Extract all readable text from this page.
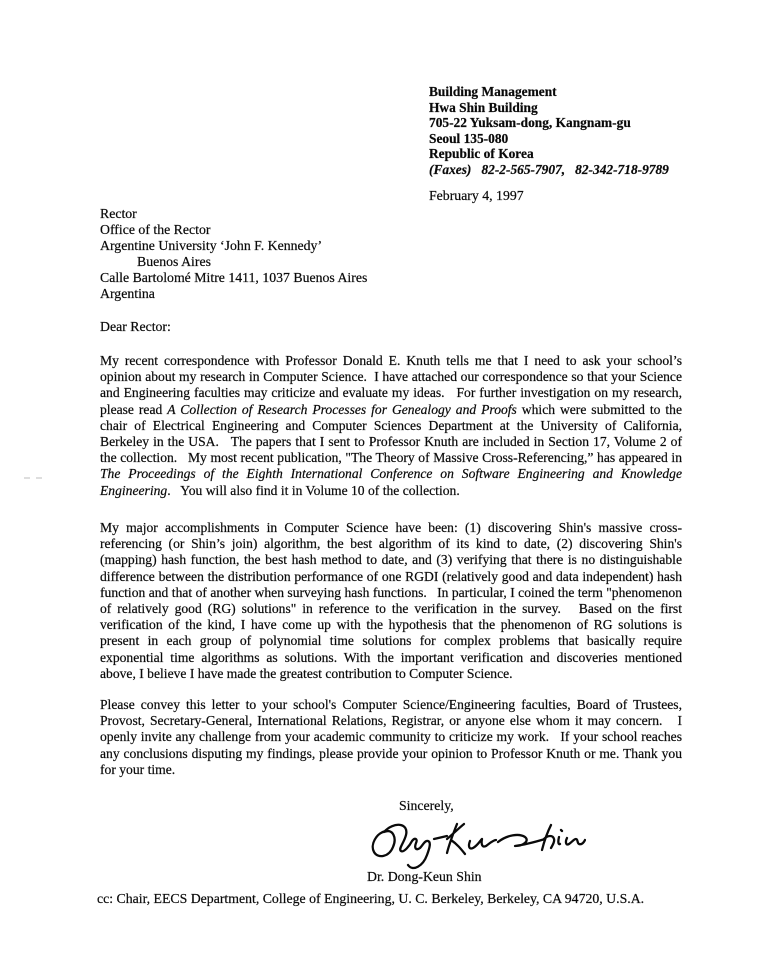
Building Management
Hwa Shin Building
705-22 Yuksam-dong, Kangnam-gu
Seoul 135-080
Republic of Korea
(Faxes)   82-2-565-7907,   82-342-718-9789
February 4, 1997
Rector
Office of the Rector
Argentine University ‘John F. Kennedy’
Buenos Aires
Calle Bartolomé Mitre 1411, 1037 Buenos Aires
Argentina
Dear Rector:

My recent correspondence with Professor Donald E. Knuth tells me that I need to ask your school’s opinion about my research in Computer Science.  I have attached our correspondence so that your Science and Engineering faculties may criticize and evaluate my ideas.   For further investigation on my research, please read A Collection of Research Processes for Genealogy and Proofs which were submitted to the chair of Electrical Engineering and Computer Sciences Department at the University of California, Berkeley in the USA.   The papers that I sent to Professor Knuth are included in Section 17, Volume 2 of the collection.   My most recent publication, "The Theory of Massive Cross-Referencing,” has appeared in The Proceedings of the Eighth International Conference on Software Engineering and Knowledge Engineering.   You will also find it in Volume 10 of the collection.

My major accomplishments in Computer Science have been: (1) discovering Shin's massive cross-referencing (or Shin’s join) algorithm, the best algorithm of its kind to date, (2) discovering Shin's (mapping) hash function, the best hash method to date, and (3) verifying that there is no distinguishable difference between the distribution performance of one RGDI (relatively good and data independent) hash function and that of another when surveying hash functions.   In particular, I coined the term "phenomenon of relatively good (RG) solutions" in reference to the verification in the survey.   Based on the first verification of the kind, I have come up with the hypothesis that the phenomenon of RG solutions is present in each group of polynomial time solutions for complex problems that basically require exponential time algorithms as solutions. With the important verification and discoveries mentioned above, I believe I have made the greatest contribution to Computer Science.

Please convey this letter to your school's Computer Science/Engineering faculties, Board of Trustees, Provost, Secretary-General, International Relations, Registrar, or anyone else whom it may concern.   I openly invite any challenge from your academic community to criticize my work.   If your school reaches any conclusions disputing my findings, please provide your opinion to Professor Knuth or me. Thank you for your time.

Sincerely,
Dr. Dong-Keun Shin
cc: Chair, EECS Department, College of Engineering, U. C. Berkeley, Berkeley, CA 94720, U.S.A.
